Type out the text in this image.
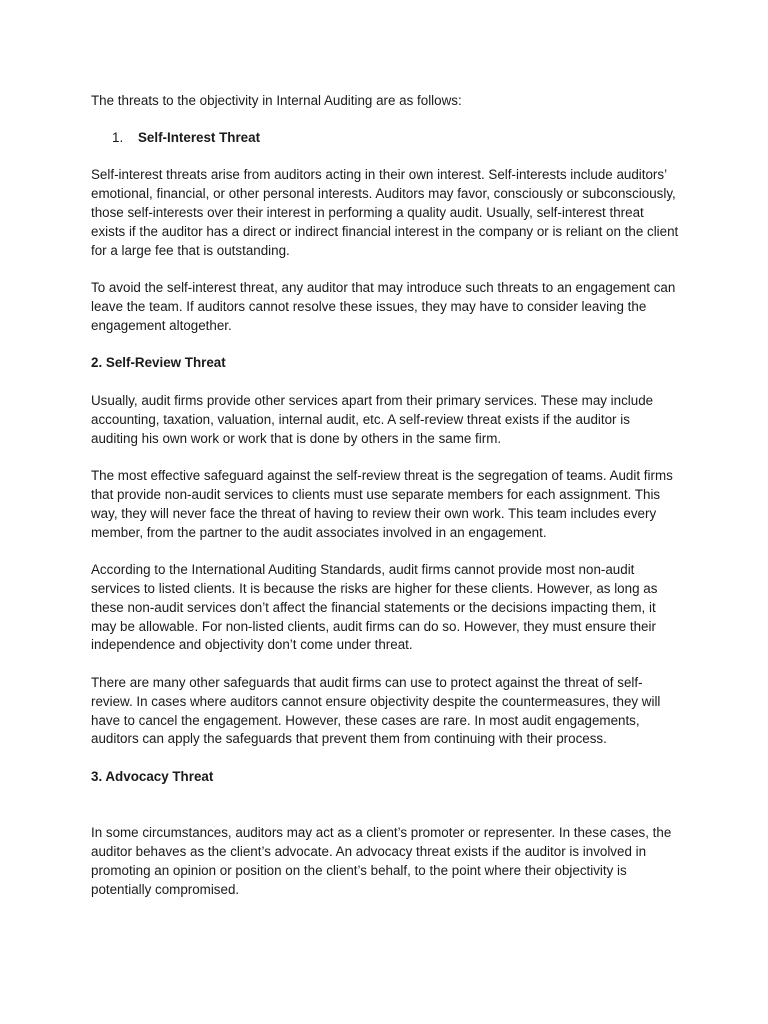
The threats to the objectivity in Internal Auditing are as follows:

1. Self-Interest Threat

Self-interest threats arise from auditors acting in their own interest. Self-interests include auditors’ emotional, financial, or other personal interests. Auditors may favor, consciously or subconsciously, those self-interests over their interest in performing a quality audit. Usually, self-interest threat exists if the auditor has a direct or indirect financial interest in the company or is reliant on the client for a large fee that is outstanding.

To avoid the self-interest threat, any auditor that may introduce such threats to an engagement can leave the team. If auditors cannot resolve these issues, they may have to consider leaving the engagement altogether.

2. Self-Review Threat

Usually, audit firms provide other services apart from their primary services. These may include accounting, taxation, valuation, internal audit, etc. A self-review threat exists if the auditor is auditing his own work or work that is done by others in the same firm.

The most effective safeguard against the self-review threat is the segregation of teams. Audit firms that provide non-audit services to clients must use separate members for each assignment. This way, they will never face the threat of having to review their own work. This team includes every member, from the partner to the audit associates involved in an engagement.

According to the International Auditing Standards, audit firms cannot provide most non-audit services to listed clients. It is because the risks are higher for these clients. However, as long as these non-audit services don’t affect the financial statements or the decisions impacting them, it may be allowable. For non-listed clients, audit firms can do so. However, they must ensure their independence and objectivity don’t come under threat.

There are many other safeguards that audit firms can use to protect against the threat of self-review. In cases where auditors cannot ensure objectivity despite the countermeasures, they will have to cancel the engagement. However, these cases are rare. In most audit engagements, auditors can apply the safeguards that prevent them from continuing with their process.

3. Advocacy Threat

In some circumstances, auditors may act as a client’s promoter or representer. In these cases, the auditor behaves as the client’s advocate. An advocacy threat exists if the auditor is involved in promoting an opinion or position on the client’s behalf, to the point where their objectivity is potentially compromised.
